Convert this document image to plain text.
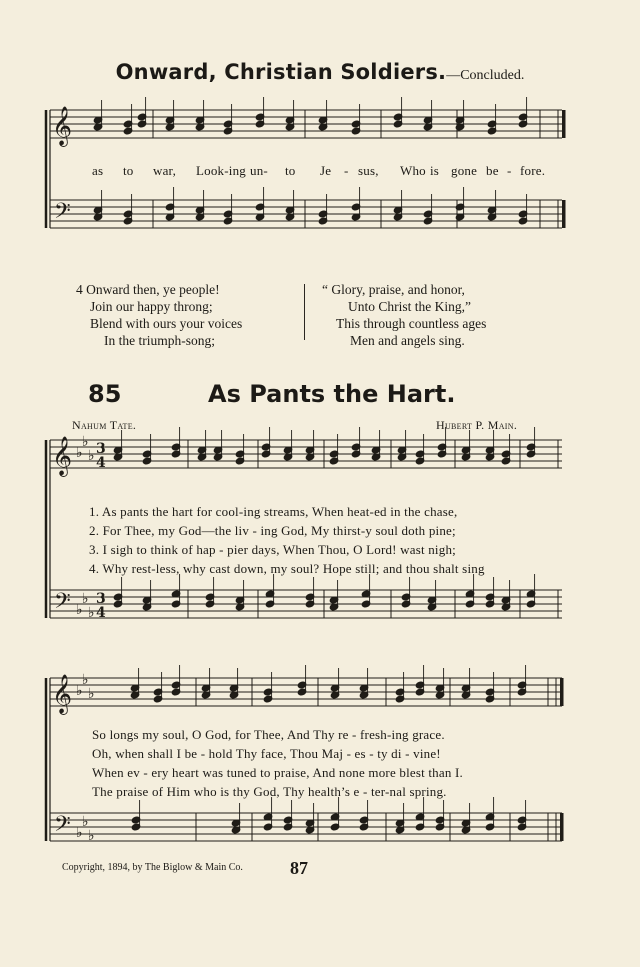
Onward, Christian Soldiers.—Concluded.
𝄞
𝄢
𝄞
𝄢
♭
♭
♭
♭
♭
♭
3
4
3
4
𝄞
𝄢
♭
♭
♭
♭
♭
♭
as to war, Look-ing un- to Je - sus, Who is gone be - fore.
4 Onward then, ye people!
Join our happy throng;
Blend with ours your voices
In the triumph-song;
“ Glory, praise, and honor,
Unto Christ the King,”
This through countless ages
Men and angels sing.
85	As Pants the Hart.
Nahum Tate.	Hubert P. Main.
1. As pants the hart for cool-ing streams, When heat-ed in the chase,
2. For Thee, my God—the liv - ing God, My thirst-y soul doth pine;
3. I sigh to think of hap - pier days, When Thou, O Lord! wast nigh;
4. Why rest-less, why cast down, my soul? Hope still; and thou shalt sing
So longs my soul, O God, for Thee, And Thy re - fresh-ing grace.
Oh, when shall I be - hold Thy face, Thou Maj - es - ty di - vine!
When ev - ery heart was tuned to praise, And none more blest than I.
The praise of Him who is thy God, Thy health’s e - ter-nal spring.
Copyright, 1894, by The Biglow & Main Co.	87
